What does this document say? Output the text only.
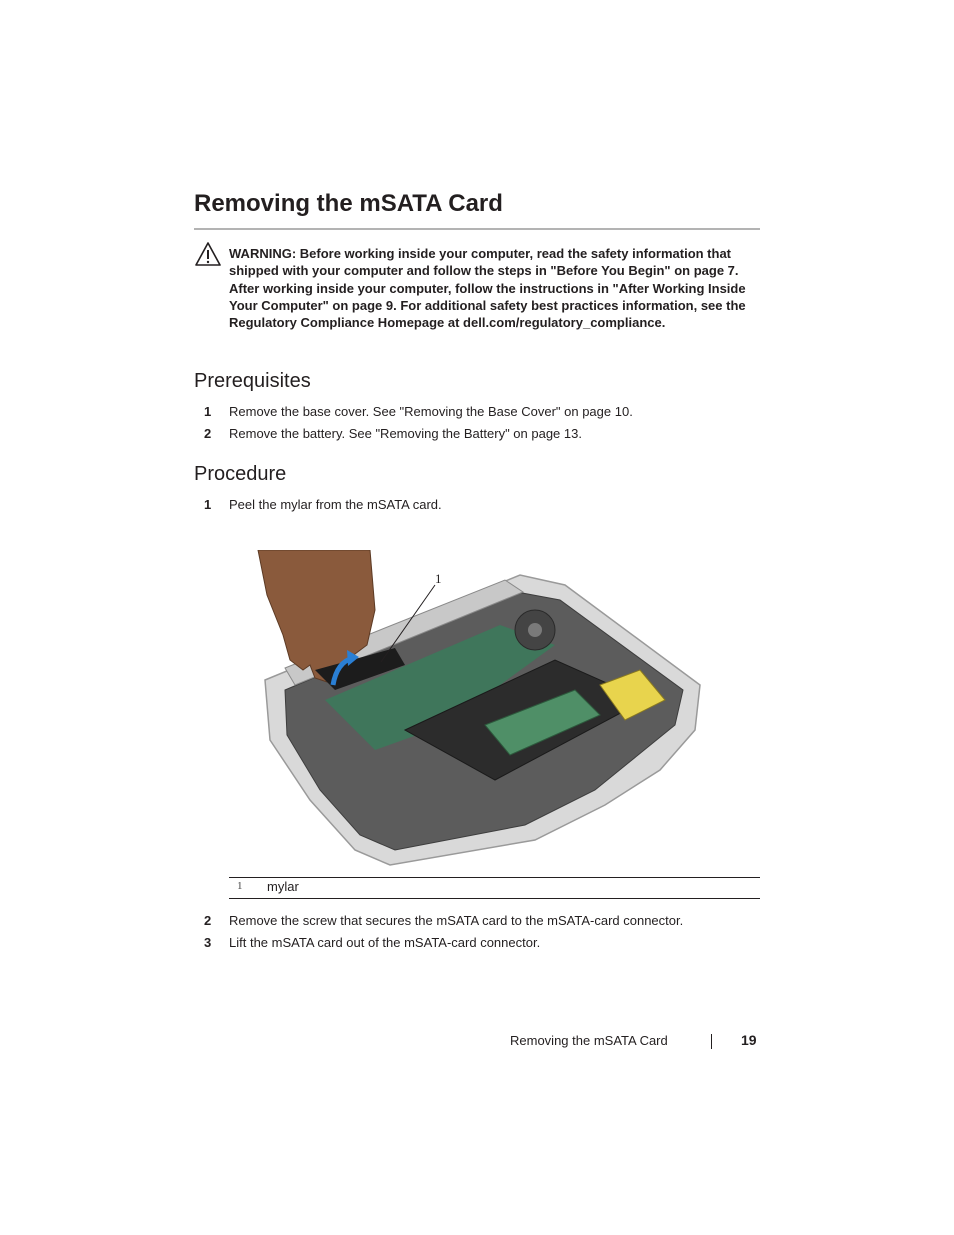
Removing the mSATA Card
WARNING: Before working inside your computer, read the safety information that shipped with your computer and follow the steps in "Before You Begin" on page 7. After working inside your computer, follow the instructions in "After Working Inside Your Computer" on page 9. For additional safety best practices information, see the Regulatory Compliance Homepage at dell.com/regulatory_compliance.
Prerequisites
1 Remove the base cover. See "Removing the Base Cover" on page 10.
2 Remove the battery. See "Removing the Battery" on page 13.
Procedure
1 Peel the mylar from the mSATA card.
1
1 mylar
2 Remove the screw that secures the mSATA card to the mSATA-card connector.
3 Lift the mSATA card out of the mSATA-card connector.
Removing the mSATA Card	19
